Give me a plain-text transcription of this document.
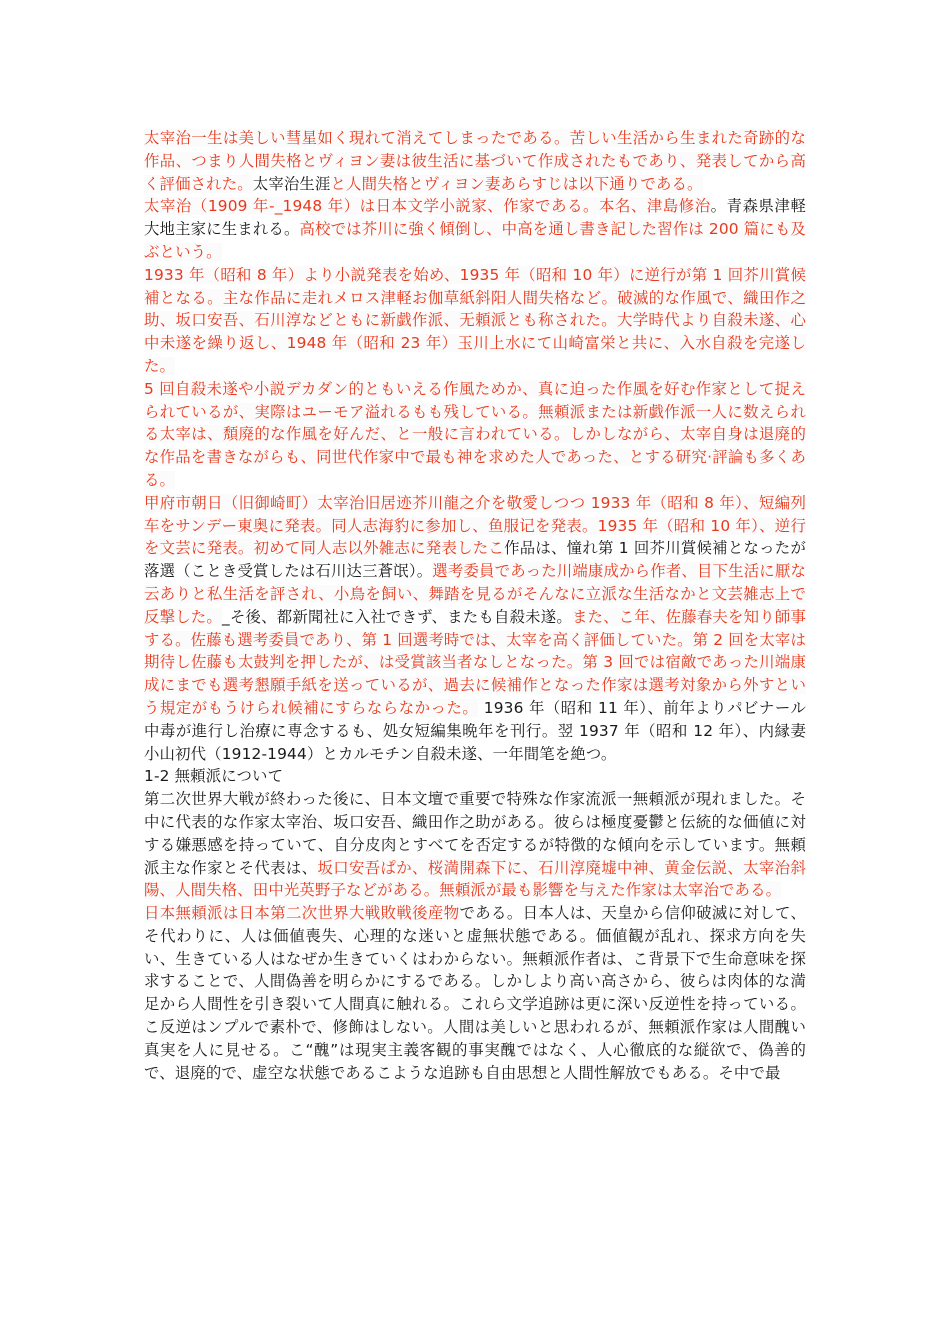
太宰治一生は美しい彗星如く現れて消えてしまったである。苦しい生活から生まれた奇跡的な作品、つまり人間失格とヴィヨン妻は彼生活に基づいて作成されたもであり、発表してから高く評価された。太宰治生涯と人間失格とヴィヨン妻あらすじは以下通りである。

太宰治（1909 年-_1948 年）は日本文学小説家、作家である。本名、津島修治。青森県津軽大地主家に生まれる。高校では芥川に強く傾倒し、中高を通し書き記した習作は 200 篇にも及ぶという。

1933 年（昭和 8 年）より小説発表を始め、1935 年（昭和 10 年）に逆行が第 1 回芥川賞候補となる。主な作品に走れメロス津軽お伽草紙斜阳人間失格など。破滅的な作風で、織田作之助、坂口安吾、石川淳などともに新戯作派、无頼派とも称された。大学時代より自殺未遂、心中未遂を繰り返し、1948 年（昭和 23 年）玉川上水にて山崎富栄と共に、入水自殺を完遂した。

5 回自殺未遂や小説デカダン的ともいえる作風ためか、真に迫った作風を好む作家として捉えられているが、実際はユーモア溢れるもも残している。無頼派または新戯作派一人に数えられる太宰は、頽廃的な作風を好んだ、と一般に言われている。しかしながら、太宰自身は退廃的な作品を書きながらも、同世代作家中で最も神を求めた人であった、とする研究·評論も多くある。

甲府市朝日（旧御崎町）太宰治旧居迹芥川龍之介を敬愛しつつ 1933 年（昭和 8 年）、短編列车をサンデー東奥に発表。同人志海豹に参加し、鱼服记を発表。1935 年（昭和 10 年）、逆行を文芸に発表。初めて同人志以外雑志に発表したこ作品は、憧れ第 1 回芥川賞候補となったが落選（ことき受賞したは石川达三蒼氓）。選考委員であった川端康成から作者、目下生活に厭な云ありと私生活を評され、小鳥を飼い、舞踏を見るがそんなに立派な生活なかと文芸雑志上で反撃した。_そ後、都新聞社に入社できず、またも自殺未遂。また、こ年、佐藤春夫を知り師事する。佐藤も選考委員であり、第 1 回選考時では、太宰を高く評価していた。第 2 回を太宰は期待し佐藤も太鼓判を押したが、は受賞該当者なしとなった。第 3 回では宿敵であった川端康成にまでも選考懇願手紙を送っているが、過去に候補作となった作家は選考対象から外すという規定がもうけられ候補にすらならなかった。 1936 年（昭和 11 年）、前年よりパビナール中毒が進行し治療に専念するも、処女短編集晩年を刊行。翌 1937 年（昭和 12 年）、内縁妻小山初代（1912-1944）とカルモチン自殺未遂、一年間笔を絶つ。

1-2 無頼派について

第二次世界大戦が終わった後に、日本文壇で重要で特殊な作家流派一無頼派が現れました。そ中に代表的な作家太宰治、坂口安吾、織田作之助がある。彼らは極度憂鬱と伝統的な価値に対する嫌悪感を持っていて、自分皮肉とすべてを否定するが特徴的な傾向を示しています。無頼派主な作家とそ代表は、坂口安吾ぱか、桜満開森下に、石川淳廃墟中神、黄金伝説、太宰治斜陽、人間失格、田中光英野子などがある。無頼派が最も影響を与えた作家は太宰治である。

日本無頼派は日本第二次世界大戦敗戦後産物である。日本人は、天皇から信仰破滅に対して、そ代わりに、人は価値喪失、心理的な迷いと虚無状態である。価値観が乱れ、探求方向を失い、生きている人はなぜか生きていくはわからない。無頼派作者は、こ背景下で生命意味を探求することで、人間偽善を明らかにするである。しかしより高い高さから、彼らは肉体的な満足から人間性を引き裂いて人間真に触れる。これら文学追跡は更に深い反逆性を持っている。こ反逆はンプルで素朴で、修飾はしない。人間は美しいと思われるが、無頼派作家は人間醜い真実を人に見せる。こ“醜”は現実主義客観的事実醜ではなく、人心徹底的な縦欲で、偽善的で、退廃的で、虚空な状態であるこような追跡も自由思想と人間性解放でもある。そ中で最
